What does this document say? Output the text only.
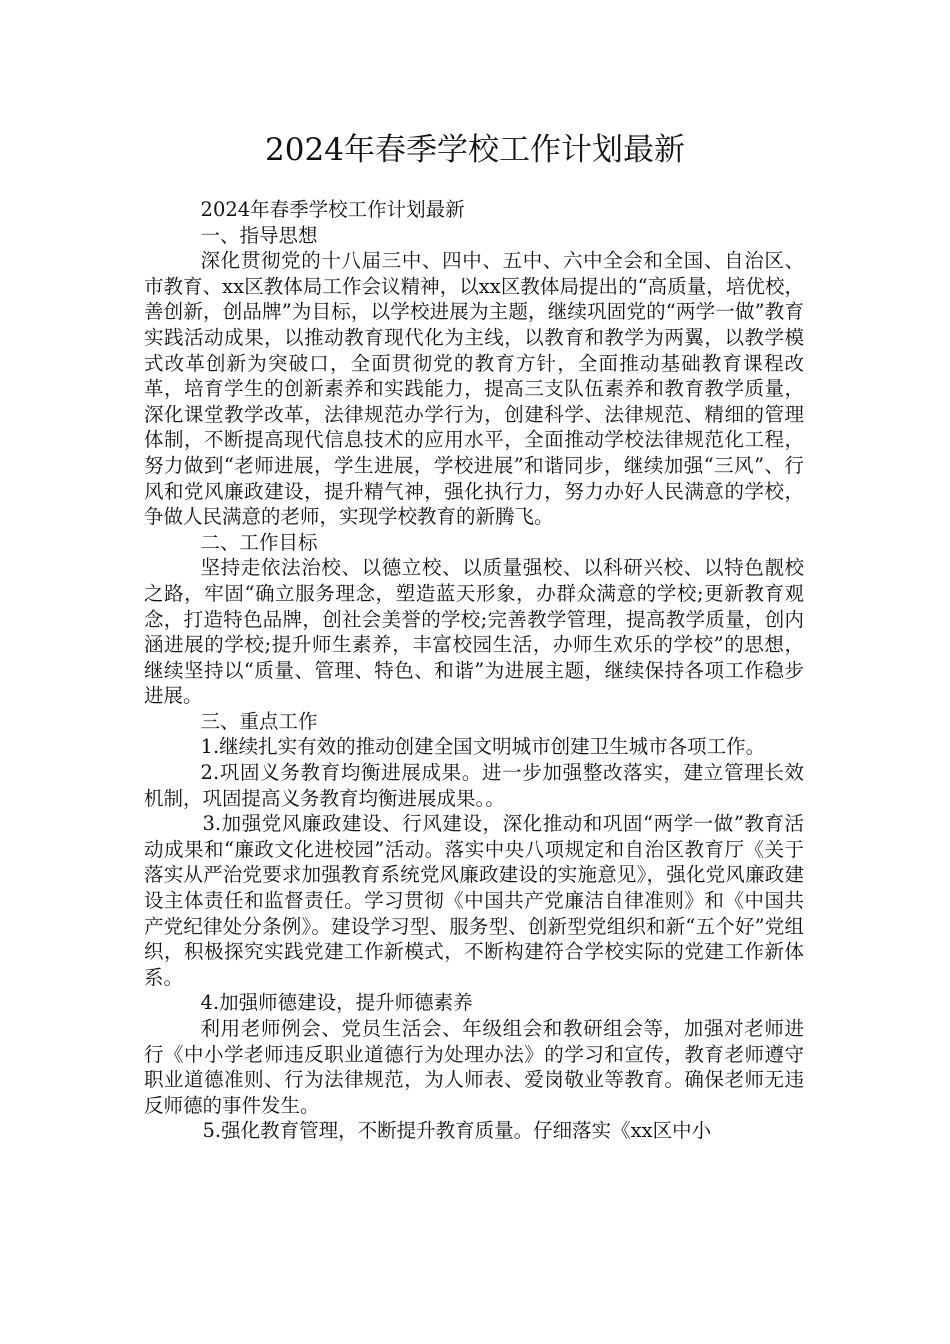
2024年春季学校工作计划最新

2024年春季学校工作计划最新

一、指导思想

深化贯彻党的十八届三中、四中、五中、六中全会和全国、自治区、市教育、xx区教体局工作会议精神，以xx区教体局提出的“高质量，培优校，善创新，创品牌”为目标，以学校进展为主题，继续巩固党的“两学一做”教育实践活动成果，以推动教育现代化为主线，以教育和教学为两翼，以教学模式改革创新为突破口，全面贯彻党的教育方针，全面推动基础教育课程改革，培育学生的创新素养和实践能力，提高三支队伍素养和教育教学质量，深化课堂教学改革，法律规范办学行为，创建科学、法律规范、精细的管理体制，不断提高现代信息技术的应用水平，全面推动学校法律规范化工程，努力做到“老师进展，学生进展，学校进展”和谐同步，继续加强“三风”、行风和党风廉政建设，提升精气神，强化执行力，努力办好人民满意的学校，争做人民满意的老师，实现学校教育的新腾飞。

二、工作目标

坚持走依法治校、以德立校、以质量强校、以科研兴校、以特色靓校之路，牢固“确立服务理念，塑造蓝天形象，办群众满意的学校;更新教育观念，打造特色品牌，创社会美誉的学校;完善教学管理，提高教学质量，创内涵进展的学校;提升师生素养，丰富校园生活，办师生欢乐的学校”的思想，继续坚持以“质量、管理、特色、和谐”为进展主题，继续保持各项工作稳步进展。

三、重点工作

1.继续扎实有效的推动创建全国文明城市创建卫生城市各项工作。

2.巩固义务教育均衡进展成果。进一步加强整改落实，建立管理长效机制，巩固提高义务教育均衡进展成果。。

3.加强党风廉政建设、行风建设，深化推动和巩固“两学一做”教育活动成果和“廉政文化进校园”活动。落实中央八项规定和自治区教育厅《关于落实从严治党要求加强教育系统党风廉政建设的实施意见》，强化党风廉政建设主体责任和监督责任。学习贯彻《中国共产党廉洁自律准则》和《中国共产党纪律处分条例》。建设学习型、服务型、创新型党组织和新“五个好”党组织，积极探究实践党建工作新模式，不断构建符合学校实际的党建工作新体系。

4.加强师德建设，提升师德素养

利用老师例会、党员生活会、年级组会和教研组会等，加强对老师进行《中小学老师违反职业道德行为处理办法》的学习和宣传，教育老师遵守职业道德准则、行为法律规范，为人师表、爱岗敬业等教育。确保老师无违反师德的事件发生。

5.强化教育管理，不断提升教育质量。仔细落实《xx区中小
